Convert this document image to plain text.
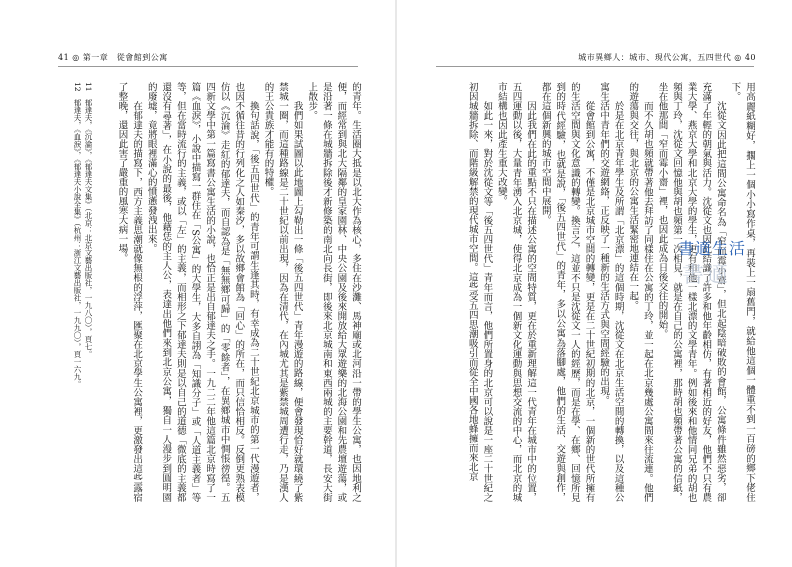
41 ◎ 第一章　從會館到公寓

的青年。生活圈大抵是以北大作為核心，多住在沙灘、馬神廟或北河沿一帶的學生公寓，也因地利之便，而經常到與北大隔鄰的皇家園林、中央公園及後來開放給大眾遊樂的北海公園和先農壇遊蕩，或是沿著一條在城牆拆除後才新修築的南北向長街，即後來北京城南和東西兩城的主要幹道，長安大街上散步。

我們如果試圖以此地圖上勾勒出一條「後五四世代」青年漫遊的路線，便會發現恰好就環繞了紫禁城一圈，而這種路線是二十世紀以前出現，因為在清代，在內城尤其是紫禁城周遭行走，乃是漢人的王公貴族才能有的特權。

換句話說，「後五四世代」的青年可謂生逢其時，有幸成為二十世紀北京城市的第一代漫遊者，也因不循往昔的行列化之人如秦汐，多以故鄉會館為「回心」的所在，而只信恰相反。反倒更熟表模仿以《沉淪》走紅的郁達夫，而自認為是「無無鄉可歸」的「零餘者」，在異鄉城市中惆悵徬徨。五四新文學中第一篇寫書公寓生活的小說，也恰正是出自郁達夫之手。一九二二年他這篇北京時寫了一篇《血淚》，小說中描寫一群住在「S公寓」的大學生，大多自詡為「知識分子」或「人道主義者」等等，但在當時流行的主義，或以「左」的主義，而相形之下郁達夫則是以自己的道德「微底的主義都還沒有尋著」，在小說的最後，他藉恁的主人公，表達出他們來到北京公寓，獨自一人漫步到圓明園的廢墟，竟將眼裡滿心的憤懣發洩出來。

在郁達夫的描寫下，西方主義思潮就像無根的浮萍，匯聚在北京學生公寓裡，更激發出這些露宿了整晚，還因此害了嚴重的風寒大病一場。

11　郁達夫，《沉淪》，《郁達夫文集》（北京：北京文藝出版社，一九八〇），頁七。
12　郁達夫，《血淚》，《郁達夫小說全集》（杭州：浙江文藝出版社，一九九〇），頁一六九。
城市異鄉人：城市、現代公寓，五四世代 ◎ 40

用高麗紙糊好，擱上一個小小寫作桌，再裝上一扇舊門，就給他這個一體重不到一百磅的鄉下佬住下。

沈從文因此把這間公寓命名為「窄而霉小齋」，但北起陰暗破敗的會館，公寓條件雖然惡劣，卻充滿了年輕的朝氣與活力。沈從文也因此結識了許多和他年齡相仿，有著相近的好友，他們不只有農業大學、燕京大學和北京大學的學生，更有和他一樣北漂的文學青年。例如後來和他情同兄弟的胡也頻與丁玲，沈從文回憶他與胡也頻第一次相見，就是在自己的公寓裡，那時胡也頻帶著公寓的信紙，坐在他那間「窄而霉小齋」裡，也因此成為日後交往的開始。

而不久胡也頻就帶著他去拜訪了同樣住在公寓的丁玲，並一起在北京幾處公寓間來往流連。他們的遊蕩與交往，與北京的公寓生活緊密地連結在一起。

於是在北京青年學生及所謂「北京漂」的這個時期，沈從文在北京生活空間的轉換，以及這種公寓生活中青年們的交遊網絡，正反映了一種新的生活方式與空間經驗的出現。

從會館到公寓，不僅是北京城市空間的轉變，更是在二十世紀初期的北京，一個新的世代所擁有的生活空間與文化意識的轉變。換言之，這並不只是沈從文一人的經歷，而是在學、在鄉、回憶所見到的時代經驗，也就是說，「後五四世代」的青年，多以公寓為落腳處，他們的生活、交遊與創作，都在這個新興的城市空間中展開。

因此我們在此的重點不只在描述公寓的空間特質，更在於重新理解這一代青年在城市中的位置，五四運動以後，大量青年湧入北京城，使得北京成為一個新文化運動與思想交流的中心，而北京的城市結構也因此產生重大改變。

如此一來，對於沈從文等「後五四世代」青年而言，他們所置身的北京可以說是一座二十世紀之初因城牆拆除、而階級解禁的現代城市空間。這些受五四思潮吸引而從全中國各地蜂擁而來北京	書適生活
書適
